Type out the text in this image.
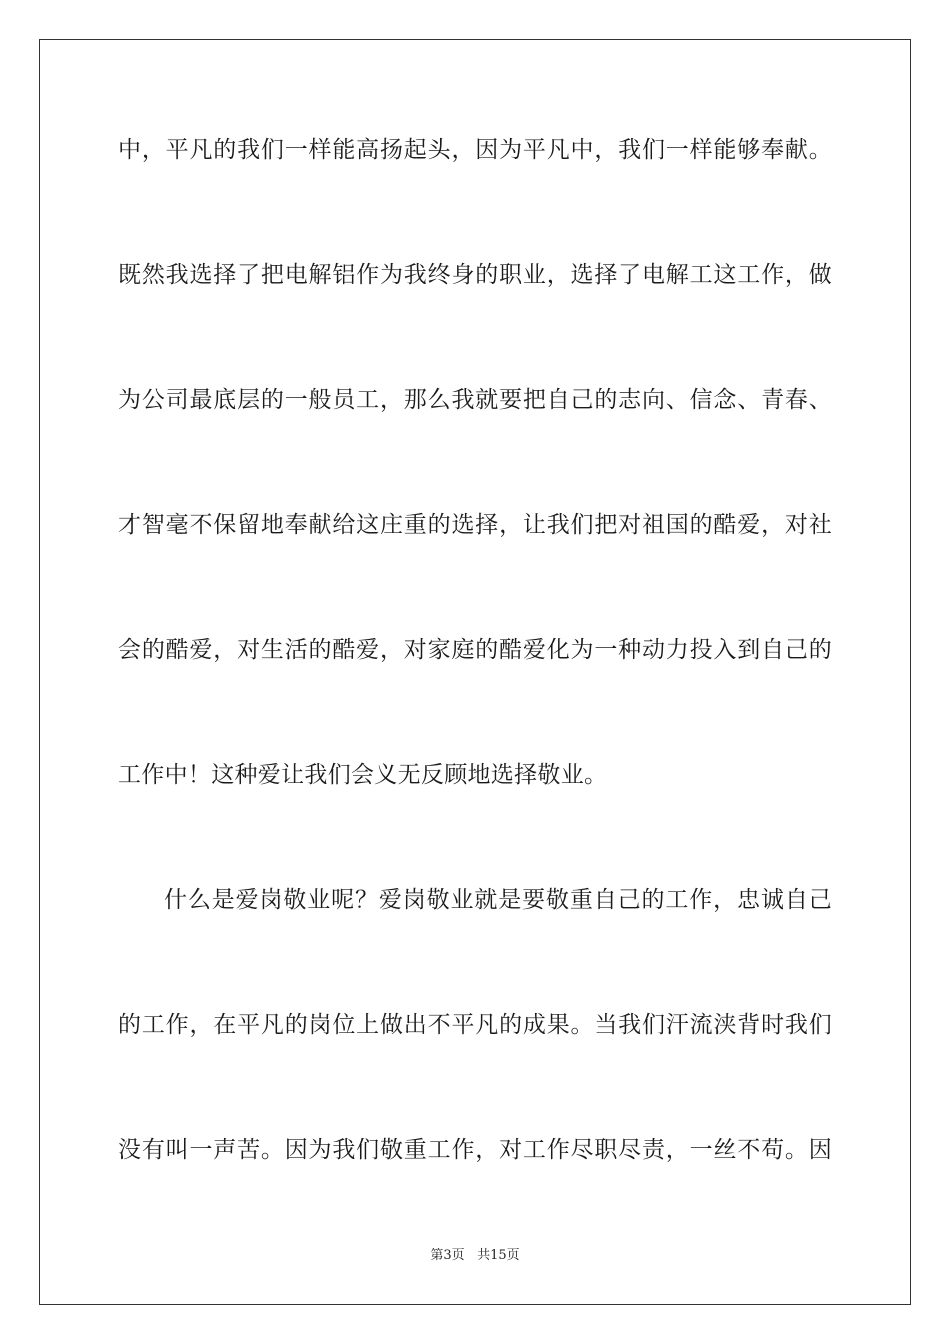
中，平凡的我们一样能高扬起头，因为平凡中，我们一样能够奉献。
既然我选择了把电解铝作为我终身的职业，选择了电解工这工作，做
为公司最底层的一般员工，那么我就要把自己的志向、信念、青春、
才智毫不保留地奉献给这庄重的选择，让我们把对祖国的酷爱，对社
会的酷爱，对生活的酷爱，对家庭的酷爱化为一种动力投入到自己的
工作中！这种爱让我们会义无反顾地选择敬业。
什么是爱岗敬业呢？爱岗敬业就是要敬重自己的工作，忠诚自己
的工作，在平凡的岗位上做出不平凡的成果。当我们汗流浃背时我们
没有叫一声苦。因为我们敬重工作，对工作尽职尽责，一丝不苟。因
第3页 共15页
